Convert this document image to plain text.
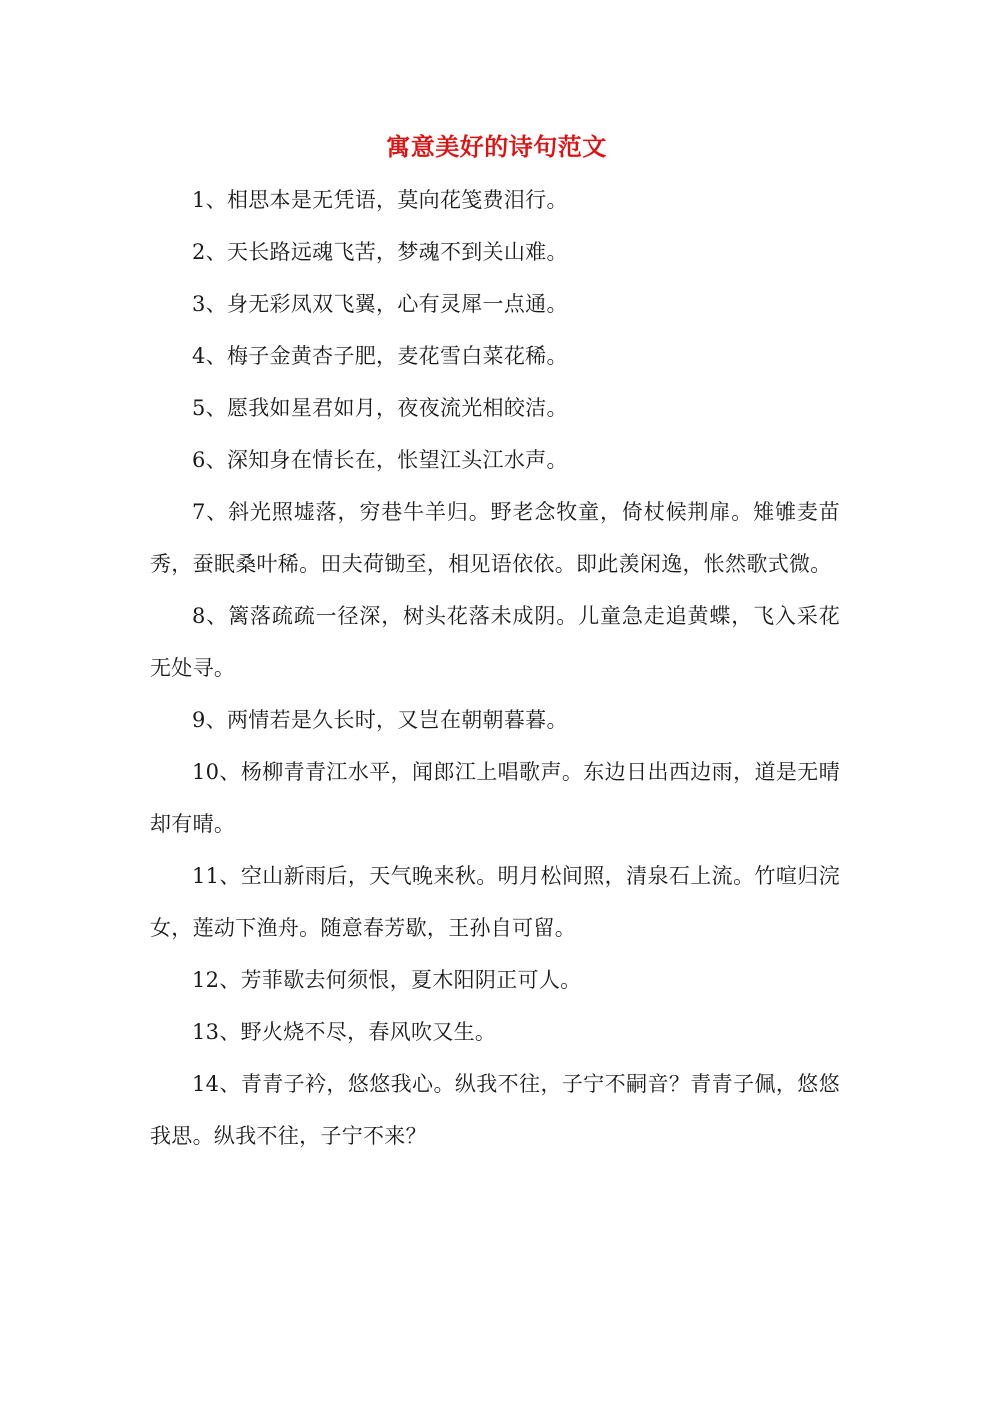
寓意美好的诗句范文

1、相思本是无凭语，莫向花笺费泪行。

2、天长路远魂飞苦，梦魂不到关山难。

3、身无彩凤双飞翼，心有灵犀一点通。

4、梅子金黄杏子肥，麦花雪白菜花稀。

5、愿我如星君如月，夜夜流光相皎洁。

6、深知身在情长在，怅望江头江水声。

7、斜光照墟落，穷巷牛羊归。野老念牧童，倚杖候荆扉。雉雊麦苗秀，蚕眠桑叶稀。田夫荷锄至，相见语依依。即此羡闲逸，怅然歌式微。

8、篱落疏疏一径深，树头花落未成阴。儿童急走追黄蝶，飞入采花无处寻。

9、两情若是久长时，又岂在朝朝暮暮。

10、杨柳青青江水平，闻郎江上唱歌声。东边日出西边雨，道是无晴却有晴。

11、空山新雨后，天气晚来秋。明月松间照，清泉石上流。竹喧归浣女，莲动下渔舟。随意春芳歇，王孙自可留。

12、芳菲歇去何须恨，夏木阳阴正可人。

13、野火烧不尽，春风吹又生。

14、青青子衿，悠悠我心。纵我不往，子宁不嗣音？青青子佩，悠悠我思。纵我不往，子宁不来？
